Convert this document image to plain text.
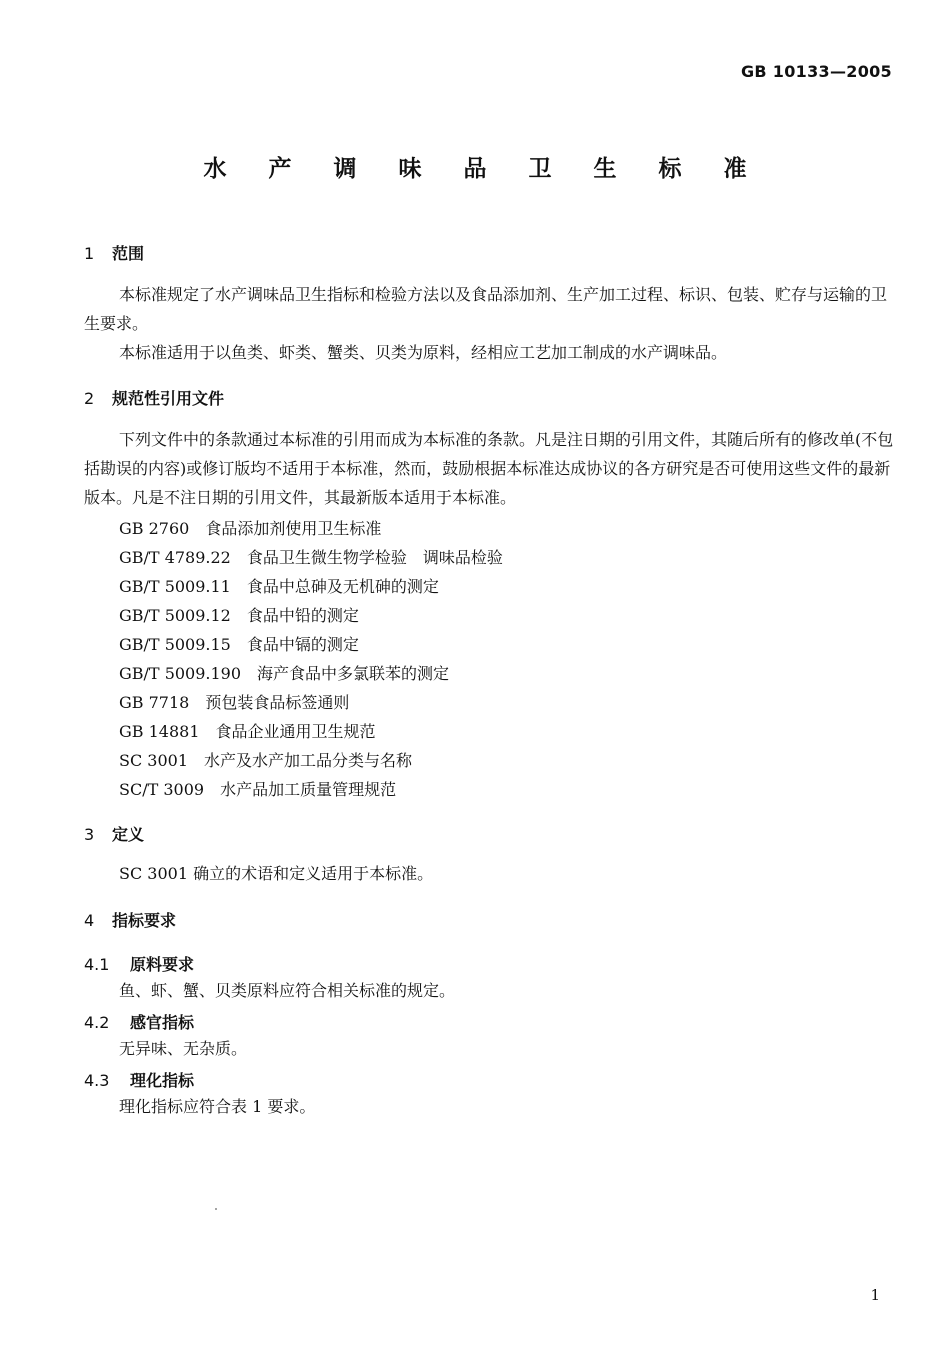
GB 10133—2005
水 产 调 味 品 卫 生 标 准
1 范围
本标准规定了水产调味品卫生指标和检验方法以及食品添加剂、生产加工过程、标识、包装、贮存与运输的卫生要求。
本标准适用于以鱼类、虾类、蟹类、贝类为原料，经相应工艺加工制成的水产调味品。
2 规范性引用文件
下列文件中的条款通过本标准的引用而成为本标准的条款。凡是注日期的引用文件，其随后所有的修改单(不包括勘误的内容)或修订版均不适用于本标准，然而，鼓励根据本标准达成协议的各方研究是否可使用这些文件的最新版本。凡是不注日期的引用文件，其最新版本适用于本标准。
GB 2760 食品添加剂使用卫生标准
GB/T 4789.22 食品卫生微生物学检验　调味品检验
GB/T 5009.11 食品中总砷及无机砷的测定
GB/T 5009.12 食品中铅的测定
GB/T 5009.15 食品中镉的测定
GB/T 5009.190 海产食品中多氯联苯的测定
GB 7718 预包装食品标签通则
GB 14881 食品企业通用卫生规范
SC 3001 水产及水产加工品分类与名称
SC/T 3009 水产品加工质量管理规范
3 定义
SC 3001 确立的术语和定义适用于本标准。
4 指标要求
4.1 原料要求
鱼、虾、蟹、贝类原料应符合相关标准的规定。
4.2 感官指标
无异味、无杂质。
4.3 理化指标
理化指标应符合表 1 要求。
1
